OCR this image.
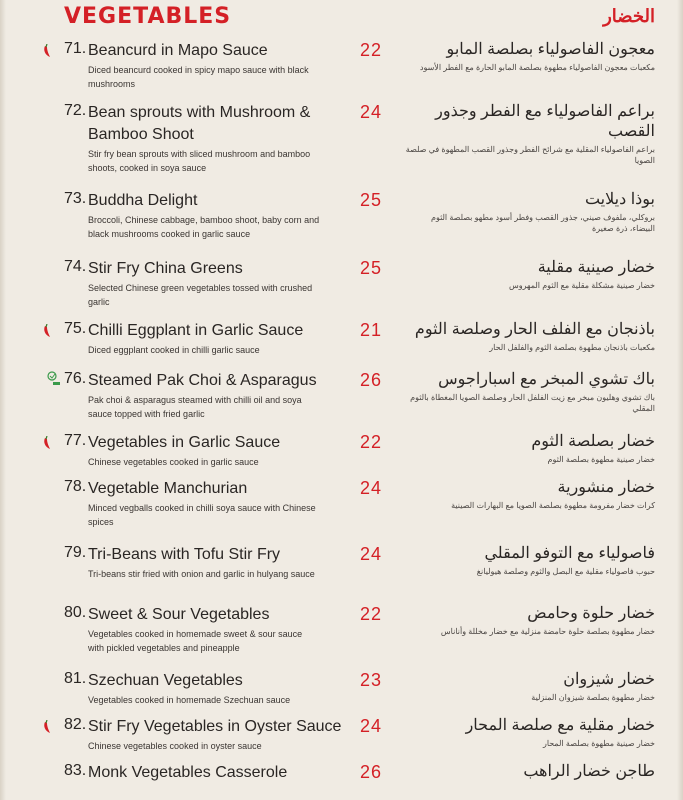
VEGETABLES	الخضار
71. Beancurd in Mapo Sauce
Diced beancurd cooked in spicy mapo sauce with black mushrooms
22	معجون الفاصولياء بصلصة المابو
مكعبات معجون الفاصولياء مطهوة بصلصة المابو الحارة مع الفطر الأسود
72. Bean sprouts with Mushroom & Bamboo Shoot
Stir fry bean sprouts with sliced mushroom and bamboo shoots, cooked in soya sauce
24	براعم الفاصولياء مع الفطر وجذور القصب
براعم الفاصولياء المقلية مع شرائح الفطر وجذور القصب المطهوة في صلصة الصويا
73. Buddha Delight
Broccoli, Chinese cabbage, bamboo shoot, baby corn and black mushrooms cooked in garlic sauce
25	بوذا ديلايت
بروكلي، ملفوف صيني، جذور القصب وفطر أسود مطهو بصلصة الثوم البيضاء، ذرة صغيرة
74. Stir Fry China Greens
Selected Chinese green vegetables tossed with crushed garlic
25	خضار صينية مقلية
خضار صينية مشكلة مقلية مع الثوم المهروس
75. Chilli Eggplant in Garlic Sauce
Diced eggplant cooked in chilli garlic sauce
21	باذنجان مع الفلف الحار وصلصة الثوم
مكعبات باذنجان مطهوة بصلصة الثوم والفلفل الحار
76. Steamed Pak Choi & Asparagus
Pak choi & asparagus steamed with chilli oil and soya sauce topped with fried garlic
26	باك تشوي المبخر مع اسباراجوس
باك تشوي وهليون مبخر مع زيت الفلفل الحار وصلصة الصويا المغطاة بالثوم المقلي
77. Vegetables in Garlic Sauce
Chinese vegetables cooked in garlic sauce
22	خضار بصلصة الثوم
خضار صينية مطهوة بصلصة الثوم
78. Vegetable Manchurian
Minced vegballs cooked in chilli soya sauce with Chinese spices
24	خضار منشورية
كرات خضار مفرومة مطهوة بصلصة الصويا مع البهارات الصينية
79. Tri-Beans with Tofu Stir Fry
Tri-beans stir fried with onion and garlic in hulyang sauce
24	فاصولياء مع التوفو المقلي
حبوب فاصولياء مقلية مع البصل والثوم وصلصة هيوليانغ
80. Sweet & Sour Vegetables
Vegetables cooked in homemade sweet & sour sauce with pickled vegetables and pineapple
22	خضار حلوة وحامض
خضار مطهوة بصلصة حلوة حامضة منزلية مع خضار مخللة وأناناس
81. Szechuan Vegetables
Vegetables cooked in homemade Szechuan sauce
23	خضار شيزوان
خضار مطهوة بصلصة شيزوان المنزلية
82. Stir Fry Vegetables in Oyster Sauce
Chinese vegetables cooked in oyster sauce
24	خضار مقلية مع صلصة المحار
خضار صينية مطهوة بصلصة المحار
83. Monk Vegetables Casserole	26	طاجن خضار الراهب
